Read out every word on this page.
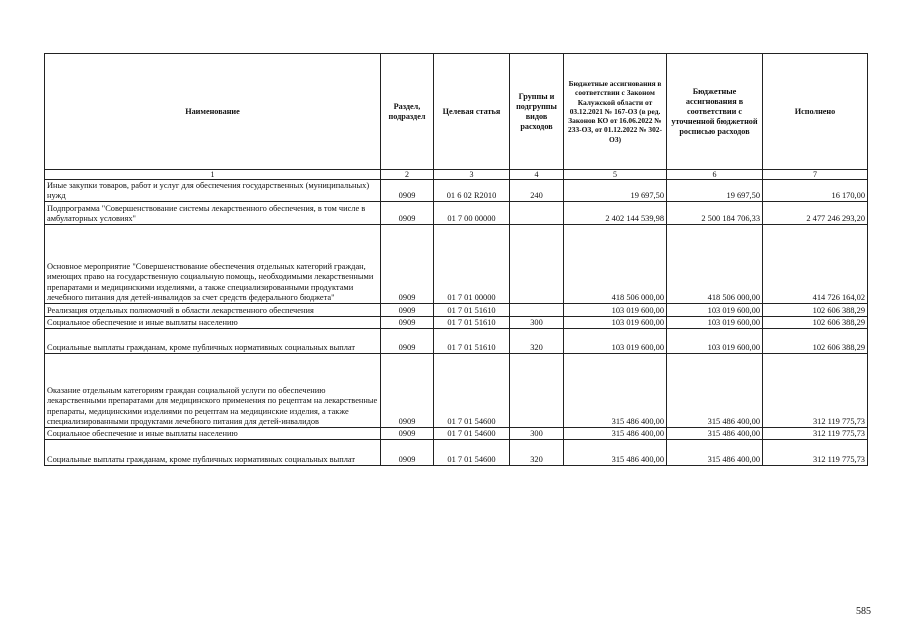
Наименование	Раздел, подраздел	Целевая статья	Группы и подгруппы видов расходов	Бюджетные ассигнования в соответствии с Законом Калужской области от 03.12.2021 № 167-ОЗ (в ред. Законов КО от 16.06.2022 № 233-ОЗ, от 01.12.2022 № 302-ОЗ)	Бюджетные ассигнования в соответствии с уточненной бюджетной росписью расходов	Исполнено
1	2	3	4	5	6	7
Иные закупки товаров, работ и услуг для обеспечения государственных (муниципальных) нужд	0909	01 6 02 R2010	240	19 697,50	19 697,50	16 170,00
Подпрограмма "Совершенствование системы лекарственного обеспечения, в том числе в амбулаторных условиях"	0909	01 7 00 00000		2 402 144 539,98	2 500 184 706,33	2 477 246 293,20
Основное мероприятие "Совершенствование обеспечения отдельных категорий граждан, имеющих право на государственную социальную помощь, необходимыми лекарственными препаратами и медицинскими изделиями, а также специализированными продуктами лечебного питания для детей-инвалидов за счет средств федерального бюджета"	0909	01 7 01 00000		418 506 000,00	418 506 000,00	414 726 164,02
Реализация отдельных полномочий в области лекарственного обеспечения	0909	01 7 01 51610		103 019 600,00	103 019 600,00	102 606 388,29
Социальное обеспечение и иные выплаты населению	0909	01 7 01 51610	300	103 019 600,00	103 019 600,00	102 606 388,29
Социальные выплаты гражданам, кроме публичных нормативных социальных выплат	0909	01 7 01 51610	320	103 019 600,00	103 019 600,00	102 606 388,29
Оказание отдельным категориям граждан социальной услуги по обеспечению лекарственными препаратами для медицинского применения по рецептам на лекарственные препараты, медицинскими изделиями по рецептам на медицинские изделия, а также специализированными продуктами лечебного питания для детей-инвалидов	0909	01 7 01 54600		315 486 400,00	315 486 400,00	312 119 775,73
Социальное обеспечение и иные выплаты населению	0909	01 7 01 54600	300	315 486 400,00	315 486 400,00	312 119 775,73
Социальные выплаты гражданам, кроме публичных нормативных социальных выплат	0909	01 7 01 54600	320	315 486 400,00	315 486 400,00	312 119 775,73
585
